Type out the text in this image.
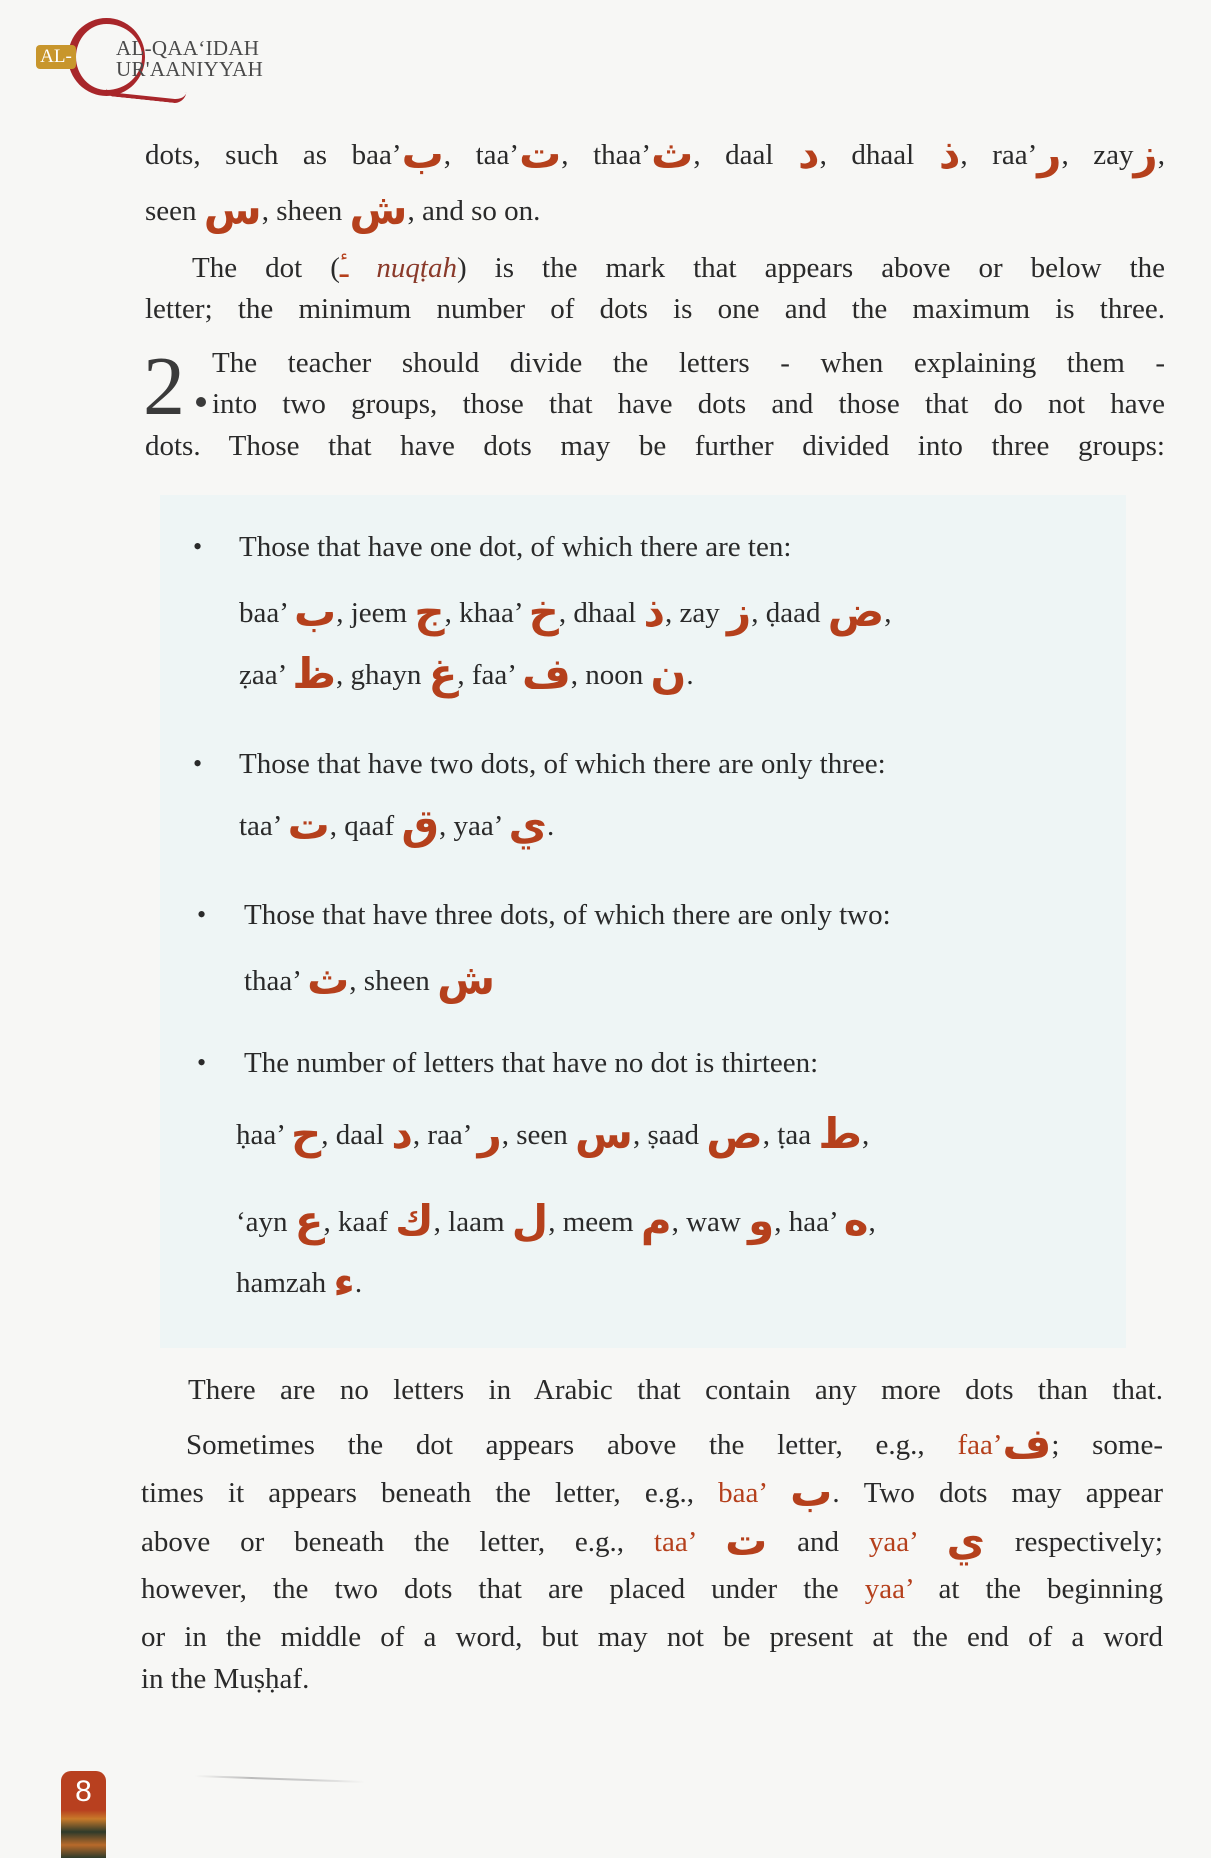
AL- AL-QAA‘IDAH
UR'AANIYYAH
dots, such as baa’ب, taa’ت, thaa’ث, daal د, dhaal ذ, raa’ر, zayز,
seen س, sheen ش, and so on.
The dot (ـٔ nuqṭah) is the mark that appears above or below the
letter; the minimum number of dots is one and the maximum is three.
2 The teacher should divide the letters - when explaining them -
into two groups, those that have dots and those that do not have
dots. Those that have dots may be further divided into three groups:
• Those that have one dot, of which there are ten:
baa’ ب, jeem ج, khaa’ خ, dhaal ذ, zay ز, ḍaad ض,
ẓaa’ ظ, ghayn غ, faa’ ف, noon ن.
• Those that have two dots, of which there are only three:
taa’ ت, qaaf ق, yaa’ ي.
• Those that have three dots, of which there are only two:
thaa’ ث, sheen ش
• The number of letters that have no dot is thirteen:
ḥaa’ ح, daal د, raa’ ر, seen س, ṣaad ص, ṭaa ط,
‘ayn ع, kaaf ك, laam ل, meem م, waw و, haa’ ه,
hamzah ء.
There are no letters in Arabic that contain any more dots than that.
Sometimes the dot appears above the letter, e.g., faa’ف; some-
times it appears beneath the letter, e.g., baa’ ب. Two dots may appear
above or beneath the letter, e.g., taa’ ت and yaa’ ي respectively;
however, the two dots that are placed under the yaa’ at the beginning
or in the middle of a word, but may not be present at the end of a word
in the Muṣḥaf.
8
